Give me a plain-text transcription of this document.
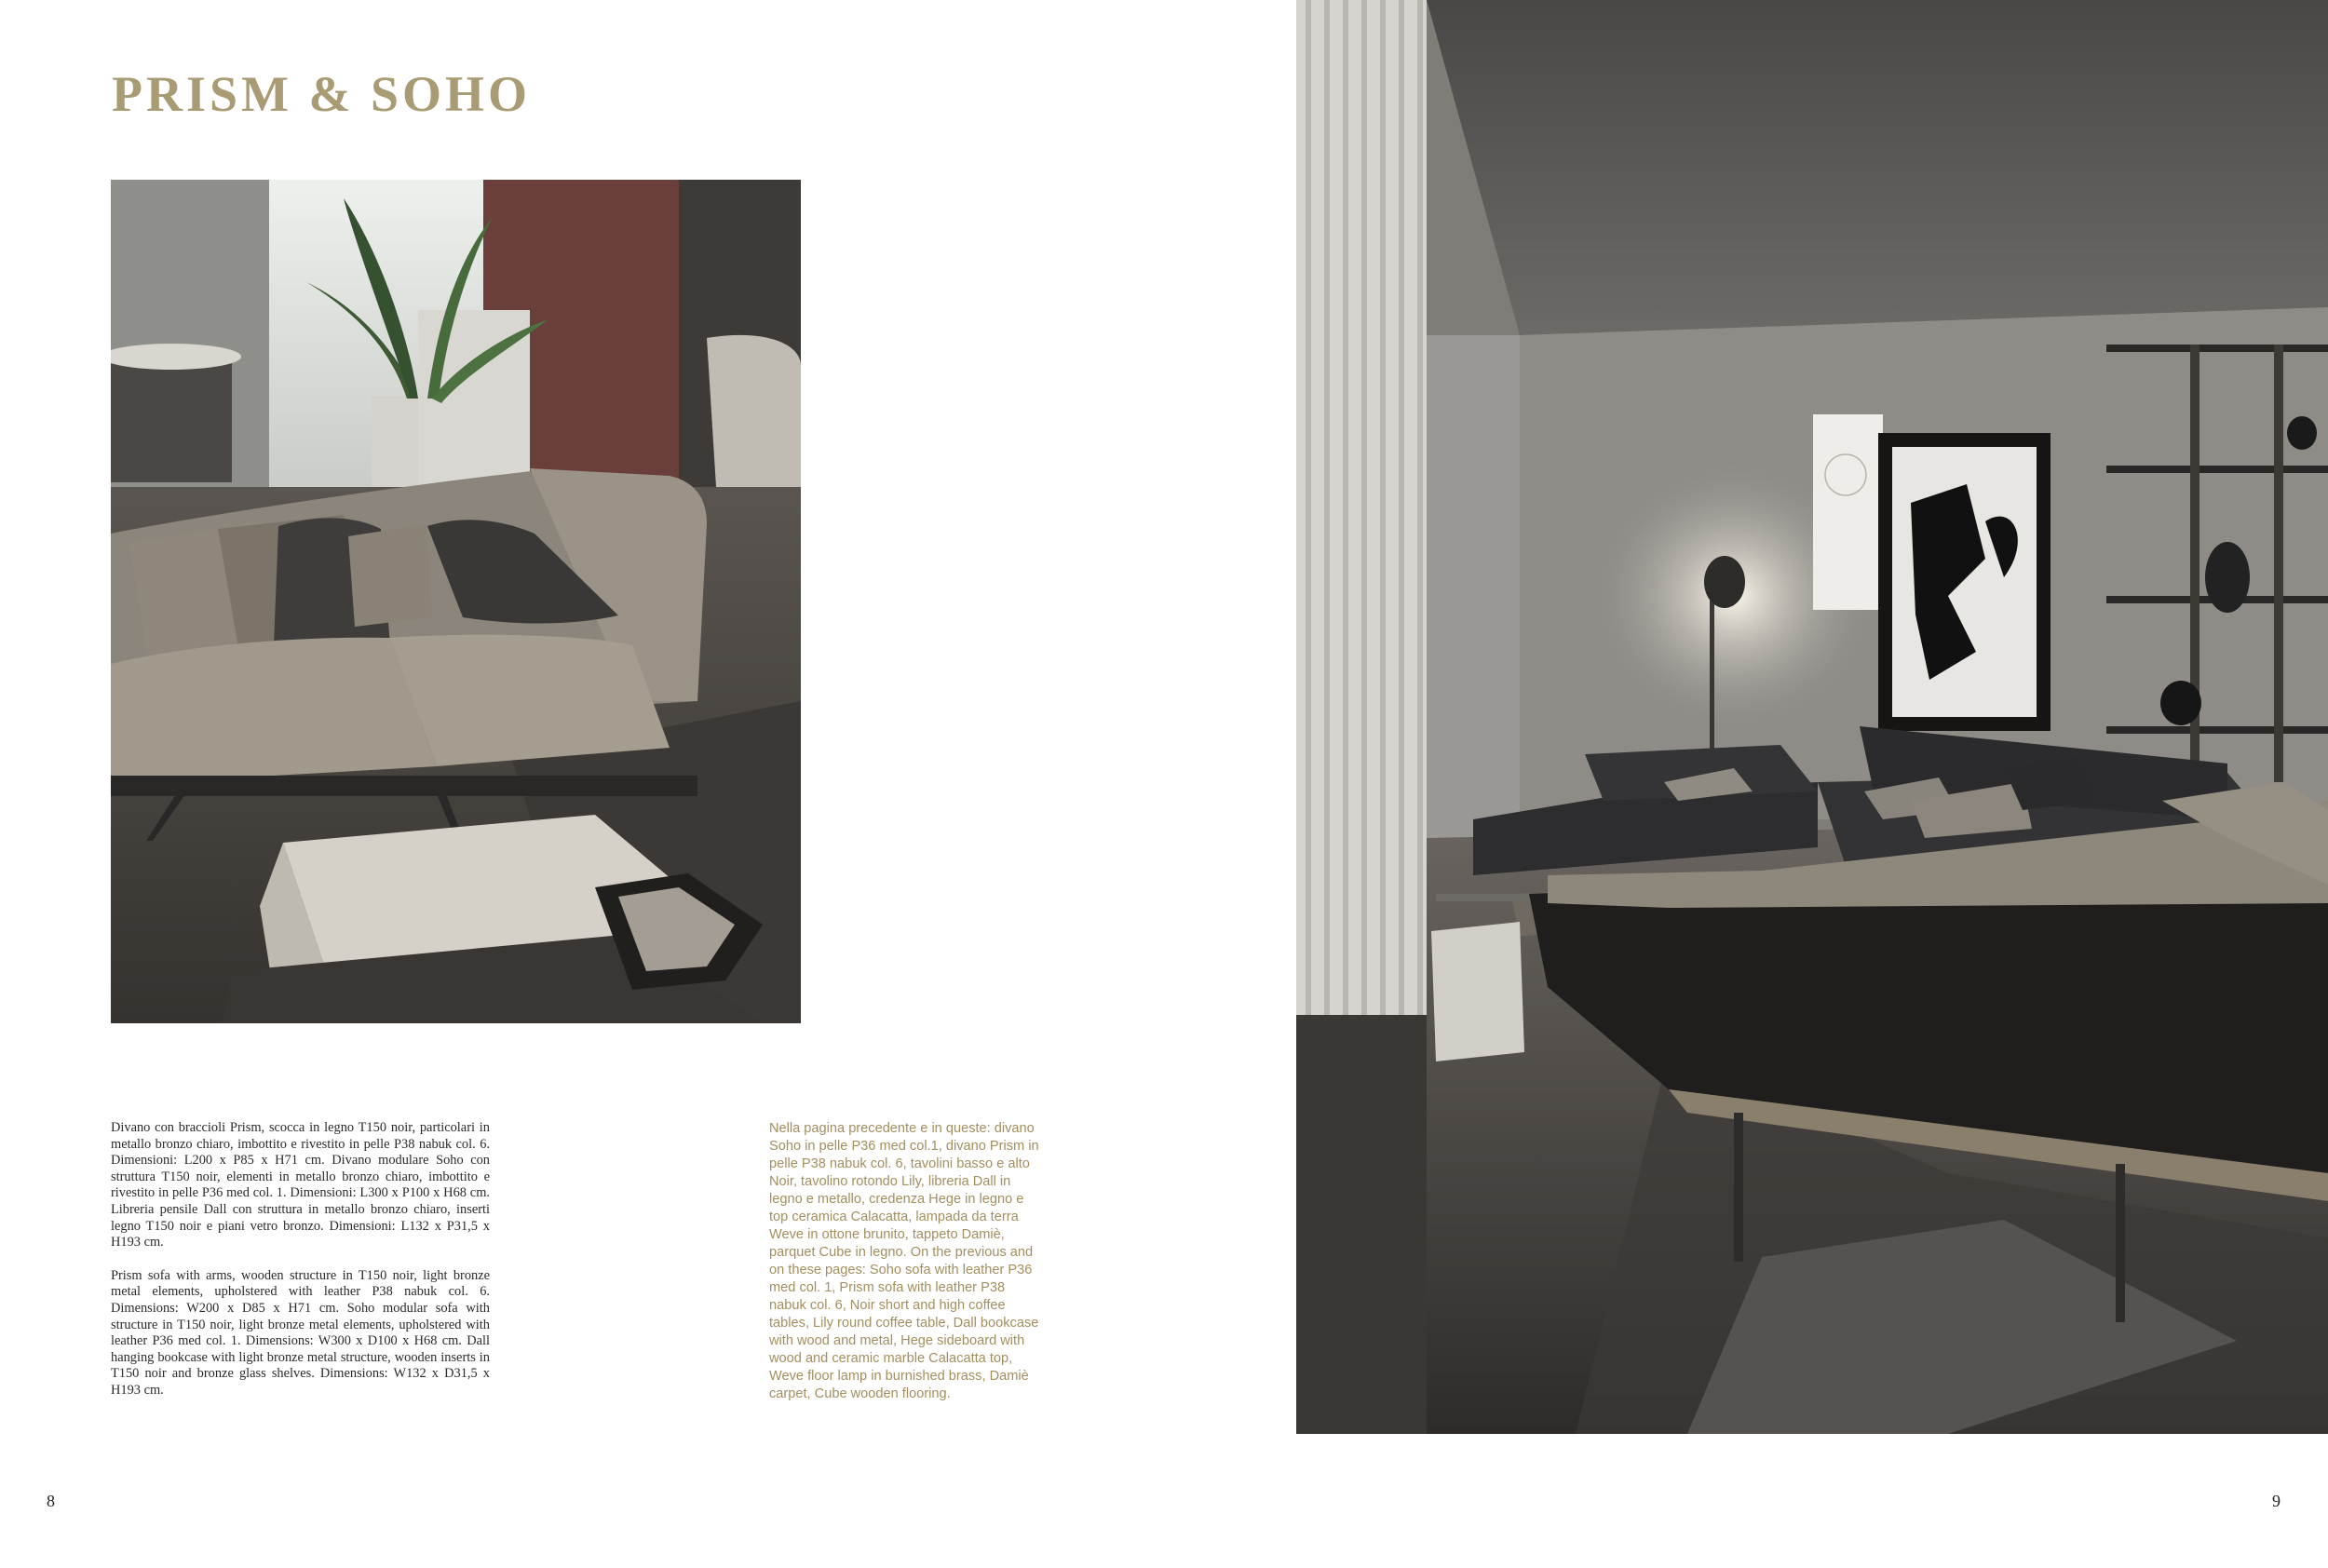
PRISM & SOHO

Divano con braccioli Prism, scocca in legno T150 noir, particolari in metallo bronzo chiaro, imbottito e rivestito in pelle P38 nabuk col. 6. Dimensioni: L200 x P85 x H71 cm. Divano modulare Soho con struttura T150 noir, elementi in metallo bronzo chiaro, imbottito e rivestito in pelle P36 med col. 1. Dimensioni: L300 x P100 x H68 cm. Libreria pensile Dall con struttura in metallo bronzo chiaro, inserti legno T150 noir e piani vetro bronzo. Dimensioni: L132 x P31,5 x H193 cm.

Prism sofa with arms, wooden structure in T150 noir, light bronze metal elements, upholstered with leather P38 nabuk col. 6. Dimensions: W200 x D85 x H71 cm. Soho modular sofa with structure in T150 noir, light bronze metal elements, upholstered with leather P36 med col. 1. Dimensions: W300 x D100 x H68 cm. Dall hanging bookcase with light bronze metal structure, wooden inserts in T150 noir and bronze glass shelves. Dimensions: W132 x D31,5 x H193 cm.

Nella pagina precedente e in queste: divano Soho in pelle P36 med col.1, divano Prism in pelle P38 nabuk col. 6, tavolini basso e alto Noir, tavolino rotondo Lily, libreria Dall in legno e metallo, credenza Hege in legno e top ceramica Calacatta, lampada da terra Weve in ottone brunito, tappeto Damiè, parquet Cube in legno. On the previous and on these pages: Soho sofa with leather P36 med col. 1, Prism sofa with leather P38 nabuk col. 6, Noir short and high coffee tables, Lily round coffee table, Dall bookcase with wood and metal, Hege sideboard with wood and ceramic marble Calacatta top, Weve floor lamp in burnished brass, Damiè carpet, Cube wooden flooring.
8	9
